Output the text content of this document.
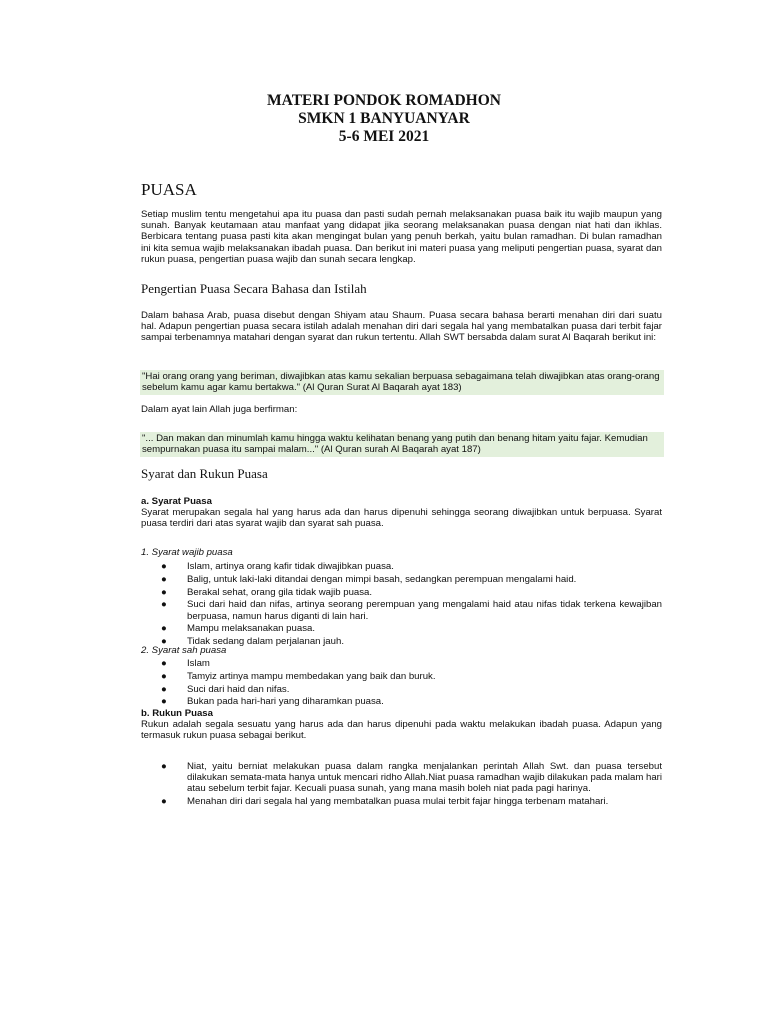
MATERI PONDOK ROMADHON
SMKN 1 BANYUANYAR
5-6 MEI 2021
PUASA

Setiap muslim tentu mengetahui apa itu puasa dan pasti sudah pernah melaksanakan puasa baik itu wajib maupun yang sunah. Banyak keutamaan atau manfaat yang didapat jika seorang melaksanakan puasa dengan niat hati dan ikhlas. Berbicara tentang puasa pasti kita akan mengingat bulan yang penuh berkah, yaitu bulan ramadhan. Di bulan ramadhan ini kita semua wajib melaksanakan ibadah puasa. Dan berikut ini materi puasa yang meliputi pengertian puasa, syarat dan rukun puasa, pengertian puasa wajib dan sunah secara lengkap.

Pengertian Puasa Secara Bahasa dan Istilah

Dalam bahasa Arab, puasa disebut dengan Shiyam atau Shaum. Puasa secara bahasa berarti menahan diri dari suatu hal. Adapun pengertian puasa secara istilah adalah menahan diri dari segala hal yang membatalkan puasa dari terbit fajar sampai terbenamnya matahari dengan syarat dan rukun tertentu. Allah SWT bersabda dalam surat Al Baqarah berikut ini:

"Hai orang orang yang beriman, diwajibkan atas kamu sekalian berpuasa sebagaimana telah diwajibkan atas orang-orang sebelum kamu agar kamu bertakwa." (Al Quran Surat Al Baqarah ayat 183)

Dalam ayat lain Allah juga berfirman:

"... Dan makan dan minumlah kamu hingga waktu kelihatan benang yang putih dan benang hitam yaitu fajar. Kemudian sempurnakan puasa itu sampai malam..." (Al Quran surah Al Baqarah ayat 187)
Syarat dan Rukun Puasa
a. Syarat Puasa

Syarat merupakan segala hal yang harus ada dan harus dipenuhi sehingga seorang diwajibkan untuk berpuasa. Syarat puasa terdiri dari atas syarat wajib dan syarat sah puasa.

1. Syarat wajib puasa
● Islam, artinya orang kafir tidak diwajibkan puasa.
● Balig, untuk laki-laki ditandai dengan mimpi basah, sedangkan perempuan mengalami haid.
● Berakal sehat, orang gila tidak wajib puasa.
● Suci dari haid dan nifas, artinya seorang perempuan yang mengalami haid atau nifas tidak terkena kewajiban berpuasa, namun harus diganti di lain hari.
● Mampu melaksanakan puasa.
● Tidak sedang dalam perjalanan jauh.
2. Syarat sah puasa
● Islam
● Tamyiz artinya mampu membedakan yang baik dan buruk.
● Suci dari haid dan nifas.
● Bukan pada hari-hari yang diharamkan puasa.
b. Rukun Puasa

Rukun adalah segala sesuatu yang harus ada dan harus dipenuhi pada waktu melakukan ibadah puasa. Adapun yang termasuk rukun puasa sebagai berikut.

● Niat, yaitu berniat melakukan puasa dalam rangka menjalankan perintah Allah Swt. dan puasa tersebut dilakukan semata-mata hanya untuk mencari ridho Allah.Niat puasa ramadhan wajib dilakukan pada malam hari atau sebelum terbit fajar. Kecuali puasa sunah, yang mana masih boleh niat pada pagi harinya.
● Menahan diri dari segala hal yang membatalkan puasa mulai terbit fajar hingga terbenam matahari.
